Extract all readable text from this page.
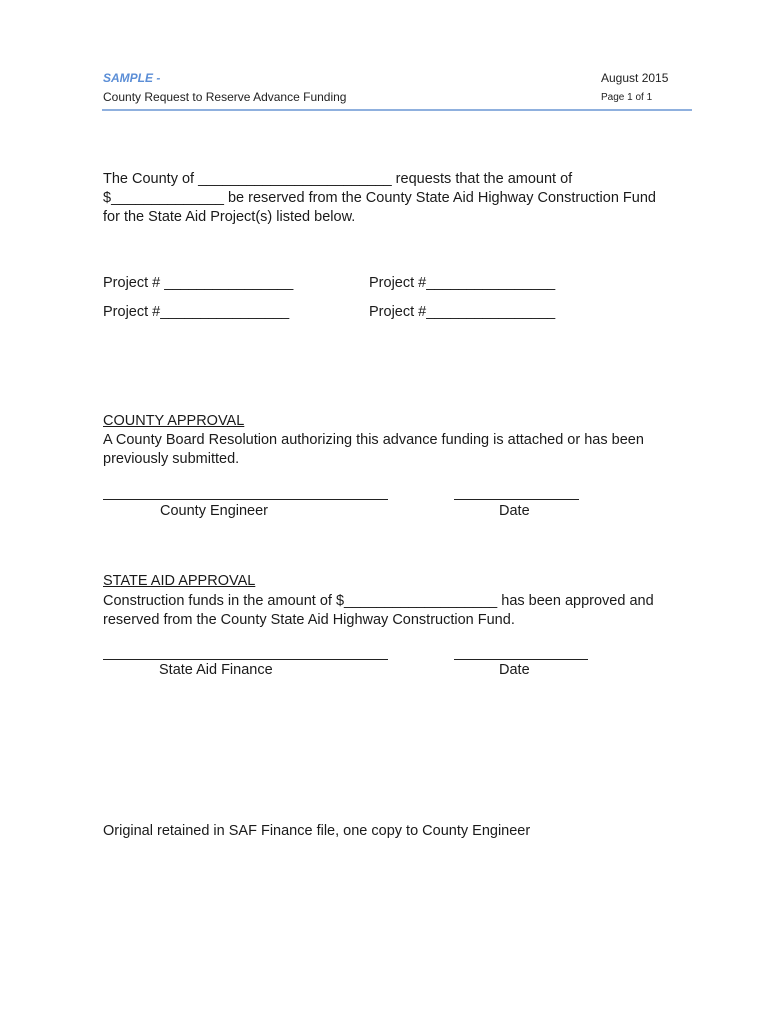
SAMPLE -
County Request to Reserve Advance Funding
August 2015
Page 1 of 1
The County of ________________________ requests that the amount of
$______________ be reserved from the County State Aid Highway Construction Fund
for the State Aid Project(s) listed below.
Project # ________________	Project #________________
Project #________________	Project #________________
COUNTY APPROVAL
A County Board Resolution authorizing this advance funding is attached or has been
previously submitted.
County Engineer	Date
STATE AID APPROVAL
Construction funds in the amount of $___________________ has been approved and
reserved from the County State Aid Highway Construction Fund.
State Aid Finance	Date
Original retained in SAF Finance file, one copy to County Engineer
